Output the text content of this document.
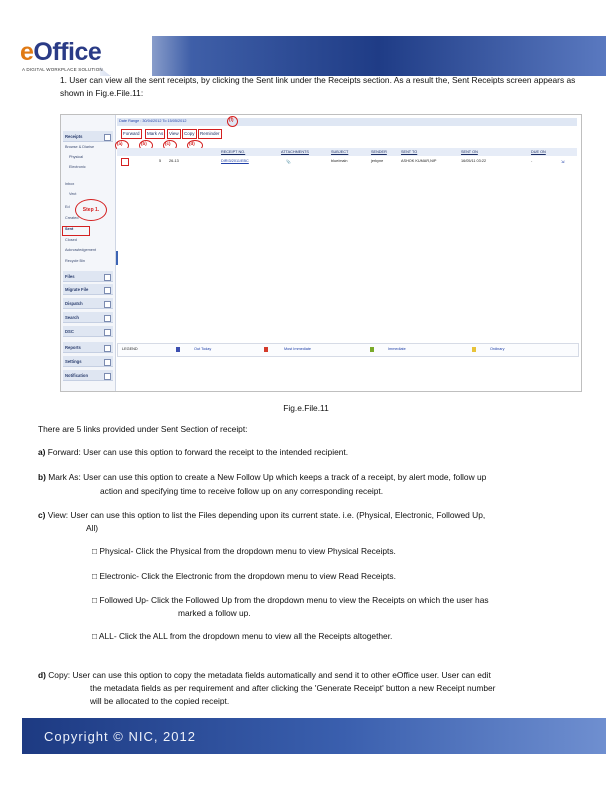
eOffice
A DIGITAL WORKPLACE SOLUTION
1. User can view all the sent receipts, by clicking the Sent link under the Receipts section. As a result the, Sent Receipts screen appears as shown in Fig.e.File.11:
Receipts
Browse & Diarise
Physical
Electronic
Inbox
Vect
Ed
Created
Sent
Closed
Acknowledgement
Recycle Bin
Files
Migrate File
Dispatch
Search
DSC
Reports
Settings
Notification
Step 1.
Date Range : 30/04/2012 To 15/05/2012	(f)
Forward	Mark As	View	Copy	Reminder
(a)	(b)	(c)	(d)
RECEIPT NO.	ATTACHMENTS	SUBJECT	SENDER	SENT TO	SENT ON	DUE ON
5 26-13	DIRI3/2011/EBC	📎	blue/main	jerkyne	ASHOK KUMAR,NIP	16/05/11 03:22	-	⇲
LEGEND	Out Today	Most Immediate	Immediate	Ordinary
Fig.e.File.11
There are 5 links provided under Sent Section of receipt:
a) Forward: User can use this option to forward the receipt to the intended recipient.
b) Mark As: User can use this option to create a New Follow Up which keeps a track of a receipt, by alert mode, follow up
action and specifying time to receive follow up on any corresponding receipt.
c) View: User can use this option to list the Files depending upon its current state. i.e. (Physical, Electronic, Followed Up,
All)
□ Physical- Click the Physical from the dropdown menu to view Physical Receipts.
□ Electronic- Click the Electronic from the dropdown menu to view Read Receipts.
□ Followed Up- Click the Followed Up from the dropdown menu to view the Receipts on which the user has
marked a follow up.
□ ALL- Click the ALL from the dropdown menu to view all the Receipts altogether.
d) Copy: User can use this option to copy the metadata fields automatically and send it to other eOffice user. User can edit
the metadata fields as per requirement and after clicking the 'Generate Receipt' button a new Receipt number
will be allocated to the copied receipt.
Copyright © NIC, 2012
